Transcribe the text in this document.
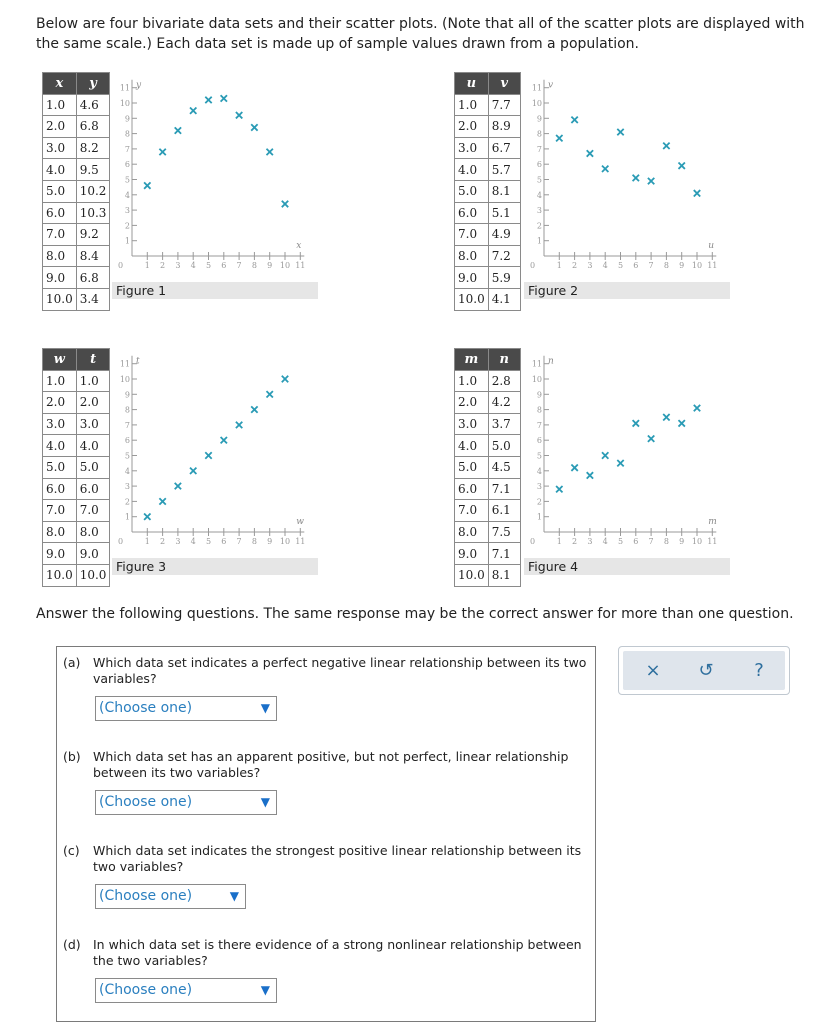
Below are four bivariate data sets and their scatter plots. (Note that all of the scatter plots are displayed with the same scale.) Each data set is made up of sample values drawn from a population.

x	y
1.0	4.6
2.0	6.8
3.0	8.2
4.0	9.5
5.0	10.2
6.0	10.3
7.0	9.2
8.0	8.4
9.0	6.8
10.0	3.4
0	1
1
2
2
3
3
4
4
5
5
6
6
7
7
8
8
9
9
10
10
11
11
x
y
Figure 1
u	v
1.0	7.7
2.0	8.9
3.0	6.7
4.0	5.7
5.0	8.1
6.0	5.1
7.0	4.9
8.0	7.2
9.0	5.9
10.0	4.1
0	1
1
2
2
3
3
4
4
5
5
6
6
7
7
8
8
9
9
10
10
11
11
u
v
Figure 2
w	t
1.0	1.0
2.0	2.0
3.0	3.0
4.0	4.0
5.0	5.0
6.0	6.0
7.0	7.0
8.0	8.0
9.0	9.0
10.0	10.0
0	1
1
2
2
3
3
4
4
5
5
6
6
7
7
8
8
9
9
10
10
11
11
w
t
Figure 3
m	n
1.0	2.8
2.0	4.2
3.0	3.7
4.0	5.0
5.0	4.5
6.0	7.1
7.0	6.1
8.0	7.5
9.0	7.1
10.0	8.1
0	1
1
2
2
3
3
4
4
5
5
6
6
7
7
8
8
9
9
10
10
11
11
m
n
Figure 4

Answer the following questions. The same response may be the correct answer for more than one question.

(a) Which data set indicates a perfect negative linear relationship between its two variables?
(Choose one)	▼
(b) Which data set has an apparent positive, but not perfect, linear relationship between its two variables?
(Choose one)	▼
(c) Which data set indicates the strongest positive linear relationship between its two variables?
(Choose one)	▼
(d) In which data set is there evidence of a strong nonlinear relationship between the two variables?
(Choose one)	▼
×	↺	?
